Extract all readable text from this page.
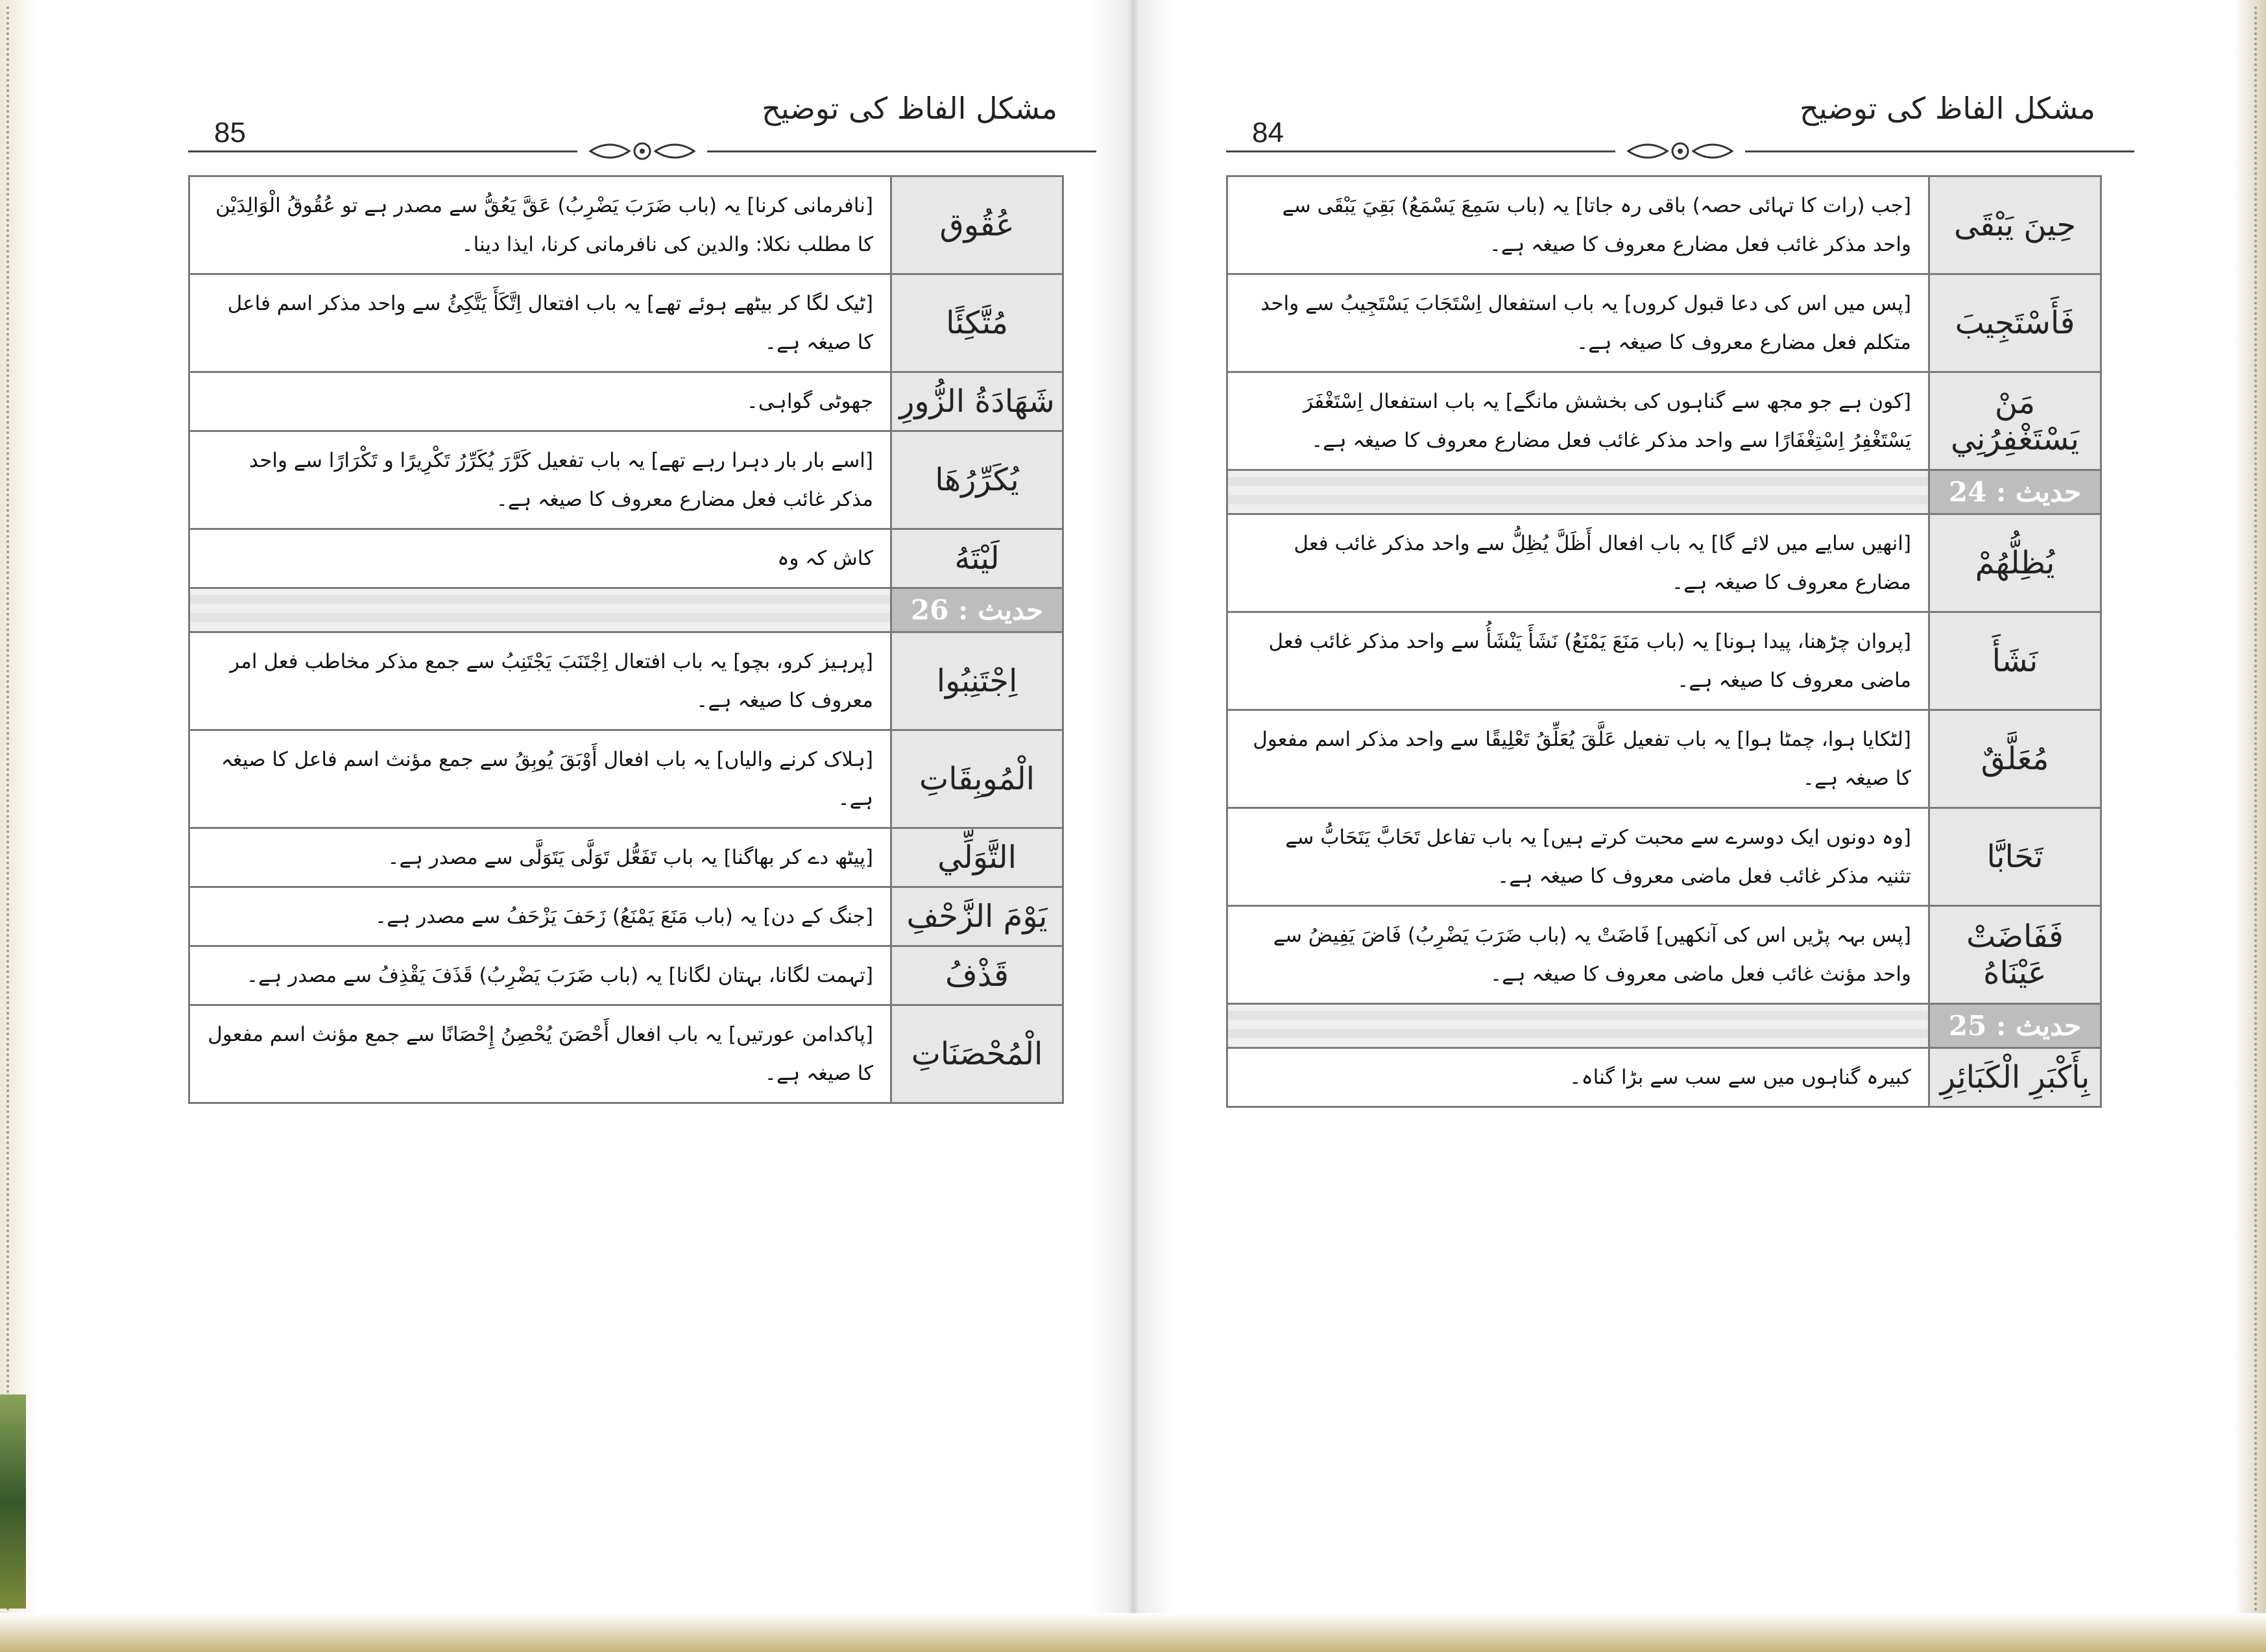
85
مشکل الفاظ کی توضیح
عُقُوق	[نافرمانی کرنا] یہ (باب ضَرَبَ یَضْرِبُ) عَقَّ یَعُقُّ سے مصدر ہے تو عُقُوقُ الْوَالِدَيْن کا مطلب نکلا: والدین کی نافرمانی کرنا، ایذا دینا۔
مُتَّكِئًا	[ٹیک لگا کر بیٹھے ہوئے تھے] یہ باب افتعال اِتَّكَأَ يَتَّكِئُ سے واحد مذکر اسم فاعل کا صیغہ ہے۔
شَهَادَةُ الزُّورِ	جھوٹی گواہی۔
يُكَرِّرُهَا	[اسے بار بار دہرا رہے تھے] یہ باب تفعیل کَرَّرَ يُكَرِّرُ تَكْرِيرًا و تَكْرَارًا سے واحد مذکر غائب فعل مضارع معروف کا صیغہ ہے۔
لَيْتَهُ	کاش کہ وہ
حدیث : 26	
اِجْتَنِبُوا	[پرہیز کرو، بچو] یہ باب افتعال اِجْتَنَبَ يَجْتَنِبُ سے جمع مذکر مخاطب فعل امر معروف کا صیغہ ہے۔
الْمُوبِقَاتِ	[ہلاک کرنے والیاں] یہ باب افعال أَوْبَقَ يُوبِقُ سے جمع مؤنث اسم فاعل کا صیغہ ہے۔
التَّوَلِّي	[پیٹھ دے کر بھاگنا] یہ باب تَفَعُّل تَوَلَّى يَتَوَلَّى سے مصدر ہے۔
يَوْمَ الزَّحْفِ	[جنگ کے دن] یہ (باب مَنَعَ يَمْنَعُ) زَحَفَ يَزْحَفُ سے مصدر ہے۔
قَذْفُ	[تہمت لگانا، بہتان لگانا] یہ (باب ضَرَبَ يَضْرِبُ) قَذَفَ يَقْذِفُ سے مصدر ہے۔
الْمُحْصَنَاتِ	[پاکدامن عورتیں] یہ باب افعال أَحْصَنَ يُحْصِنُ إِحْصَانًا سے جمع مؤنث اسم مفعول کا صیغہ ہے۔
84
مشکل الفاظ کی توضیح
حِينَ يَبْقَى	[جب (رات کا تہائی حصہ) باقی رہ جاتا] یہ (باب سَمِعَ يَسْمَعُ) بَقِيَ يَبْقَى سے واحد مذکر غائب فعل مضارع معروف کا صیغہ ہے۔
فَأَسْتَجِيبَ	[پس میں اس کی دعا قبول کروں] یہ باب استفعال اِسْتَجَابَ يَسْتَجِيبُ سے واحد متکلم فعل مضارع معروف کا صیغہ ہے۔
مَنْ يَسْتَغْفِرُنِي	[کون ہے جو مجھ سے گناہوں کی بخشش مانگے] یہ باب استفعال اِسْتَغْفَرَ يَسْتَغْفِرُ اِسْتِغْفَارًا سے واحد مذکر غائب فعل مضارع معروف کا صیغہ ہے۔
حدیث : 24	
يُظِلُّهُمْ	[انھیں سایے میں لائے گا] یہ باب افعال أَظَلَّ يُظِلُّ سے واحد مذکر غائب فعل مضارع معروف کا صیغہ ہے۔
نَشَأَ	[پروان چڑھنا، پیدا ہونا] یہ (باب مَنَعَ يَمْنَعُ) نَشَأَ يَنْشَأُ سے واحد مذکر غائب فعل ماضی معروف کا صیغہ ہے۔
مُعَلَّقٌ	[لٹکایا ہوا، چمٹا ہوا] یہ باب تفعیل عَلَّقَ يُعَلِّقُ تَعْلِيقًا سے واحد مذکر اسم مفعول کا صیغہ ہے۔
تَحَابَّا	[وہ دونوں ایک دوسرے سے محبت کرتے ہیں] یہ باب تفاعل تَحَابَّ يَتَحَابُّ سے تثنیہ مذکر غائب فعل ماضی معروف کا صیغہ ہے۔
فَفَاضَتْ عَيْنَاهُ	[پس بہہ پڑیں اس کی آنکھیں] فَاضَتْ یہ (باب ضَرَبَ يَضْرِبُ) فَاضَ يَفِيضُ سے واحد مؤنث غائب فعل ماضی معروف کا صیغہ ہے۔
حدیث : 25	
بِأَكْبَرِ الْكَبَائِرِ	کبیرہ گناہوں میں سے سب سے بڑا گناہ۔
